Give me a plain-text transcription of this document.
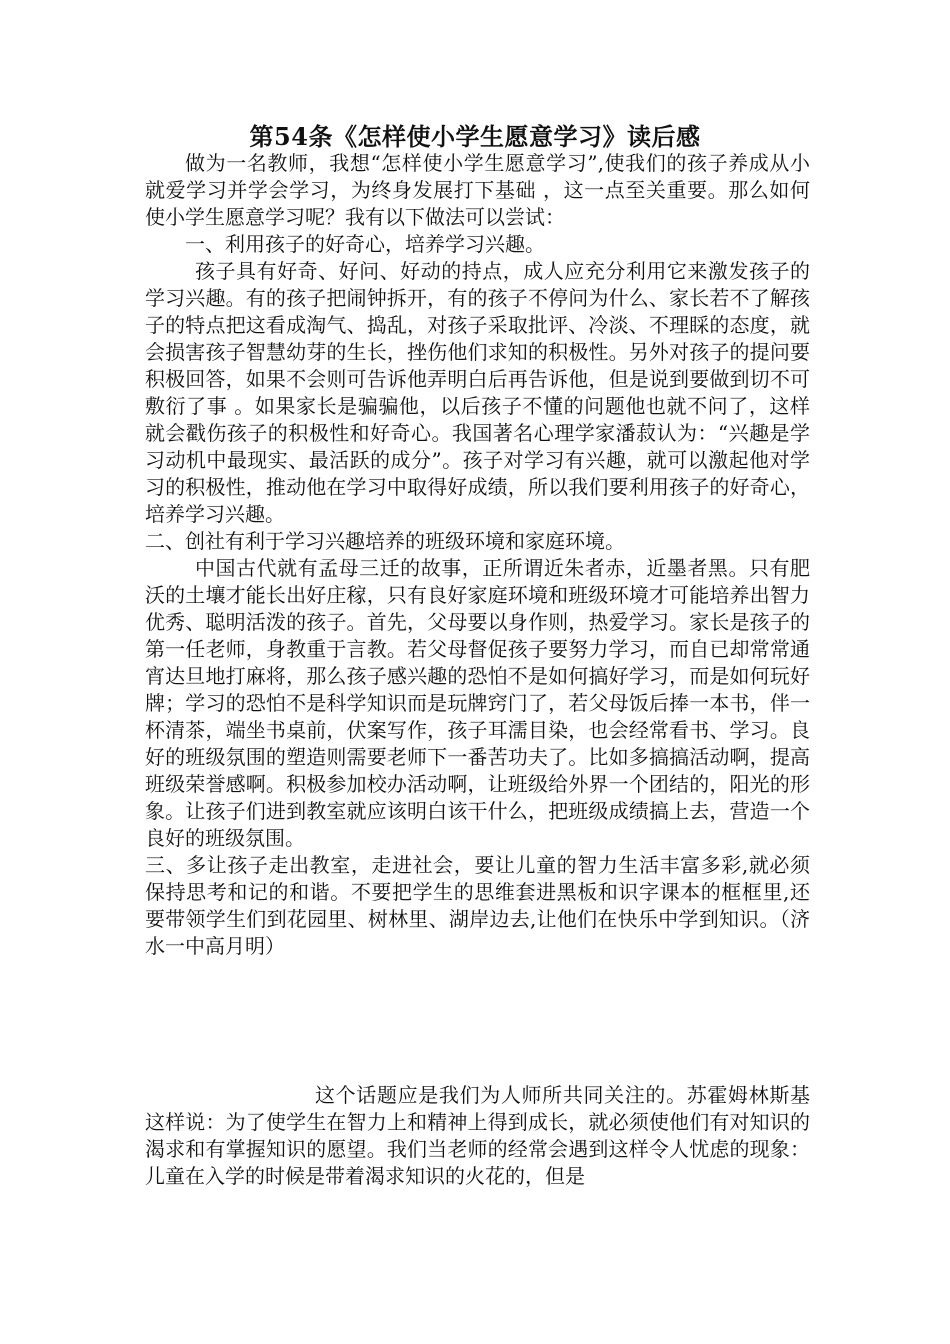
第54条《怎样使小学生愿意学习》读后感

做为一名教师，我想“怎样使小学生愿意学习”,使我们的孩子养成从小就爱学习并学会学习，为终身发展打下基础 ，这一点至关重要。那么如何使小学生愿意学习呢？我有以下做法可以尝试：

一、利用孩子的好奇心，培养学习兴趣。

孩子具有好奇、好问、好动的持点，成人应充分利用它来激发孩子的学习兴趣。有的孩子把闹钟拆开，有的孩子不停问为什么、家长若不了解孩子的特点把这看成淘气、捣乱，对孩子采取批评、冷淡、不理睬的态度，就会损害孩子智慧幼芽的生长，挫伤他们求知的积极性。另外对孩子的提问要积极回答，如果不会则可告诉他弄明白后再告诉他，但是说到要做到切不可敷衍了事 。如果家长是骗骗他，以后孩子不懂的问题他也就不问了，这样就会戳伤孩子的积极性和好奇心。我国著名心理学家潘菽认为：“兴趣是学习动机中最现实、最活跃的成分”。孩子对学习有兴趣，就可以激起他对学习的积极性，推动他在学习中取得好成绩，所以我们要利用孩子的好奇心，培养学习兴趣。

二、创社有利于学习兴趣培养的班级环境和家庭环境。

中国古代就有孟母三迁的故事，正所谓近朱者赤，近墨者黑。只有肥沃的土壤才能长出好庄稼，只有良好家庭环境和班级环境才可能培养出智力优秀、聪明活泼的孩子。首先，父母要以身作则，热爱学习。家长是孩子的第一任老师，身教重于言教。若父母督促孩子要努力学习，而自已却常常通宵达旦地打麻将，那么孩子感兴趣的恐怕不是如何搞好学习，而是如何玩好牌；学习的恐怕不是科学知识而是玩牌窍门了，若父母饭后捧一本书，伴一杯清茶，端坐书桌前，伏案写作，孩子耳濡目染，也会经常看书、学习。良好的班级氛围的塑造则需要老师下一番苦功夫了。比如多搞搞活动啊，提高班级荣誉感啊。积极参加校办活动啊，让班级给外界一个团结的，阳光的形象。让孩子们进到教室就应该明白该干什么，把班级成绩搞上去，营造一个良好的班级氛围。

三、多让孩子走出教室，走进社会，要让儿童的智力生活丰富多彩,就必须保持思考和记的和谐。不要把学生的思维套进黑板和识字课本的框框里,还要带领学生们到花园里、树林里、湖岸边去,让他们在快乐中学到知识。（济水一中高月明）

这个话题应是我们为人师所共同关注的。苏霍姆林斯基这样说：为了使学生在智力上和精神上得到成长，就必须使他们有对知识的渴求和有掌握知识的愿望。我们当老师的经常会遇到这样令人忧虑的现象：儿童在入学的时候是带着渴求知识的火花的，但是
